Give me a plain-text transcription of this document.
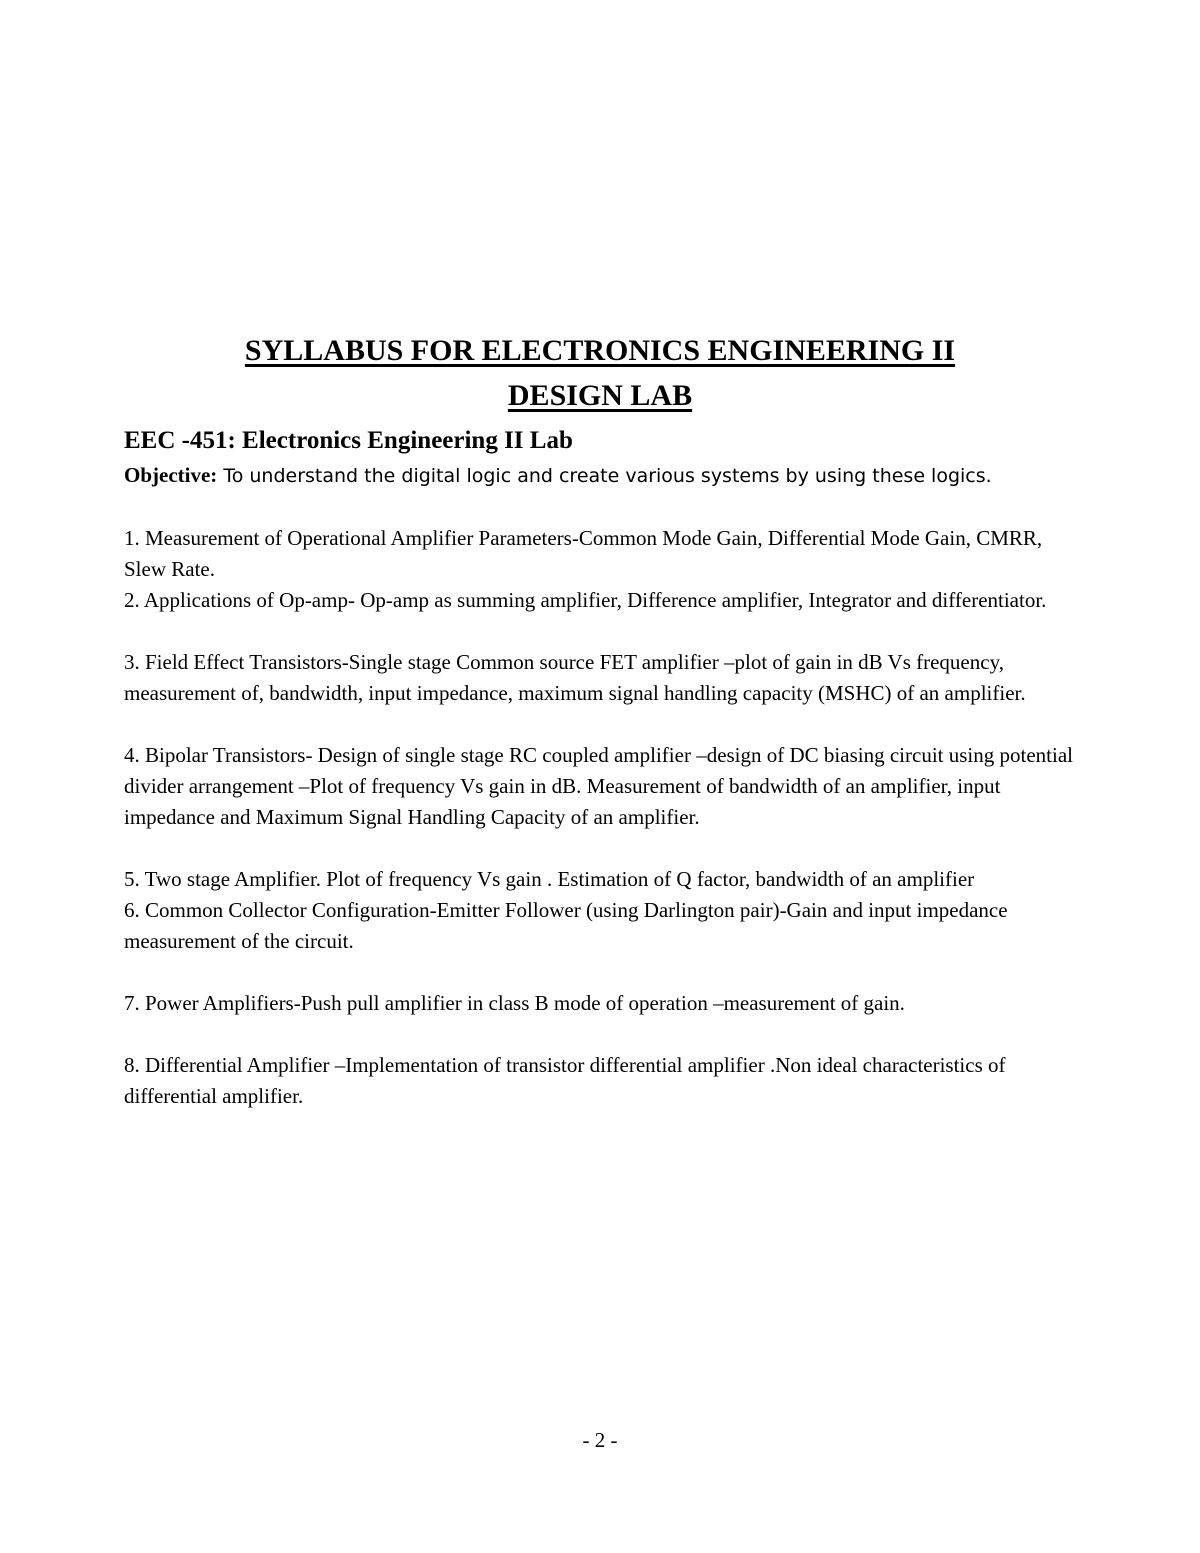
SYLLABUS FOR ELECTRONICS ENGINEERING II
DESIGN LAB
EEC -451: Electronics Engineering II Lab

Objective: To understand the digital logic and create various systems by using these logics.

1. Measurement of Operational Amplifier Parameters-Common Mode Gain, Differential Mode Gain, CMRR, Slew Rate.

2. Applications of Op-amp- Op-amp as summing amplifier, Difference amplifier, Integrator and differentiator.

3. Field Effect Transistors-Single stage Common source FET amplifier –plot of gain in dB Vs frequency, measurement of, bandwidth, input impedance, maximum signal handling capacity (MSHC) of an amplifier.

4. Bipolar Transistors- Design of single stage RC coupled amplifier –design of DC biasing circuit using potential divider arrangement –Plot of frequency Vs gain in dB. Measurement of bandwidth of an amplifier, input impedance and Maximum Signal Handling Capacity of an amplifier.

5. Two stage Amplifier. Plot of frequency Vs gain . Estimation of Q factor, bandwidth of an amplifier

6. Common Collector Configuration-Emitter Follower (using Darlington pair)-Gain and input impedance measurement of the circuit.

7. Power Amplifiers-Push pull amplifier in class B mode of operation –measurement of gain.

8. Differential Amplifier –Implementation of transistor differential amplifier .Non ideal characteristics of differential amplifier.

- 2 -
